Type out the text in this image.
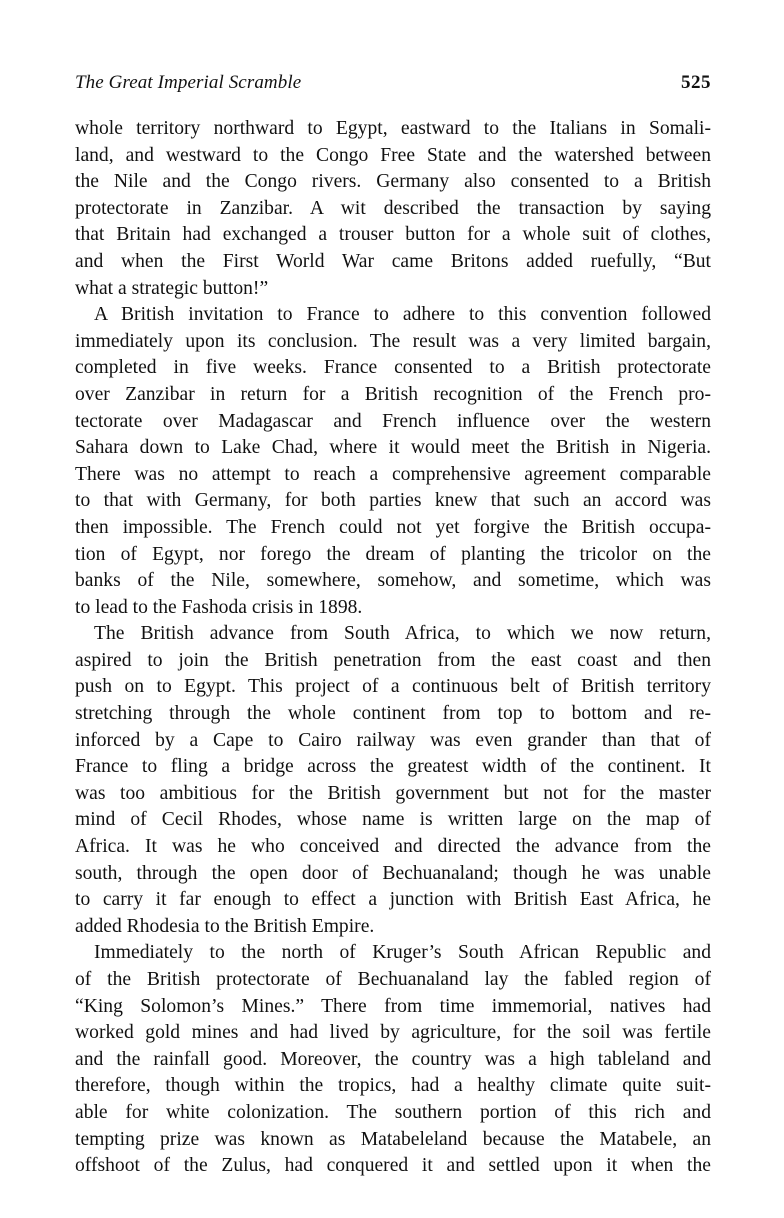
The Great Imperial Scramble	525
whole territory northward to Egypt, eastward to the Italians in Somali-
land, and westward to the Congo Free State and the watershed between
the Nile and the Congo rivers. Germany also consented to a British
protectorate in Zanzibar. A wit described the transaction by saying
that Britain had exchanged a trouser button for a whole suit of clothes,
and when the First World War came Britons added ruefully, “But
what a strategic button!”
A British invitation to France to adhere to this convention followed
immediately upon its conclusion. The result was a very limited bargain,
completed in five weeks. France consented to a British protectorate
over Zanzibar in return for a British recognition of the French pro-
tectorate over Madagascar and French influence over the western
Sahara down to Lake Chad, where it would meet the British in Nigeria.
There was no attempt to reach a comprehensive agreement comparable
to that with Germany, for both parties knew that such an accord was
then impossible. The French could not yet forgive the British occupa-
tion of Egypt, nor forego the dream of planting the tricolor on the
banks of the Nile, somewhere, somehow, and sometime, which was
to lead to the Fashoda crisis in 1898.
The British advance from South Africa, to which we now return,
aspired to join the British penetration from the east coast and then
push on to Egypt. This project of a continuous belt of British territory
stretching through the whole continent from top to bottom and re-
inforced by a Cape to Cairo railway was even grander than that of
France to fling a bridge across the greatest width of the continent. It
was too ambitious for the British government but not for the master
mind of Cecil Rhodes, whose name is written large on the map of
Africa. It was he who conceived and directed the advance from the
south, through the open door of Bechuanaland; though he was unable
to carry it far enough to effect a junction with British East Africa, he
added Rhodesia to the British Empire.
Immediately to the north of Kruger’s South African Republic and
of the British protectorate of Bechuanaland lay the fabled region of
“King Solomon’s Mines.” There from time immemorial, natives had
worked gold mines and had lived by agriculture, for the soil was fertile
and the rainfall good. Moreover, the country was a high tableland and
therefore, though within the tropics, had a healthy climate quite suit-
able for white colonization. The southern portion of this rich and
tempting prize was known as Matabeleland because the Matabele, an
offshoot of the Zulus, had conquered it and settled upon it when the
